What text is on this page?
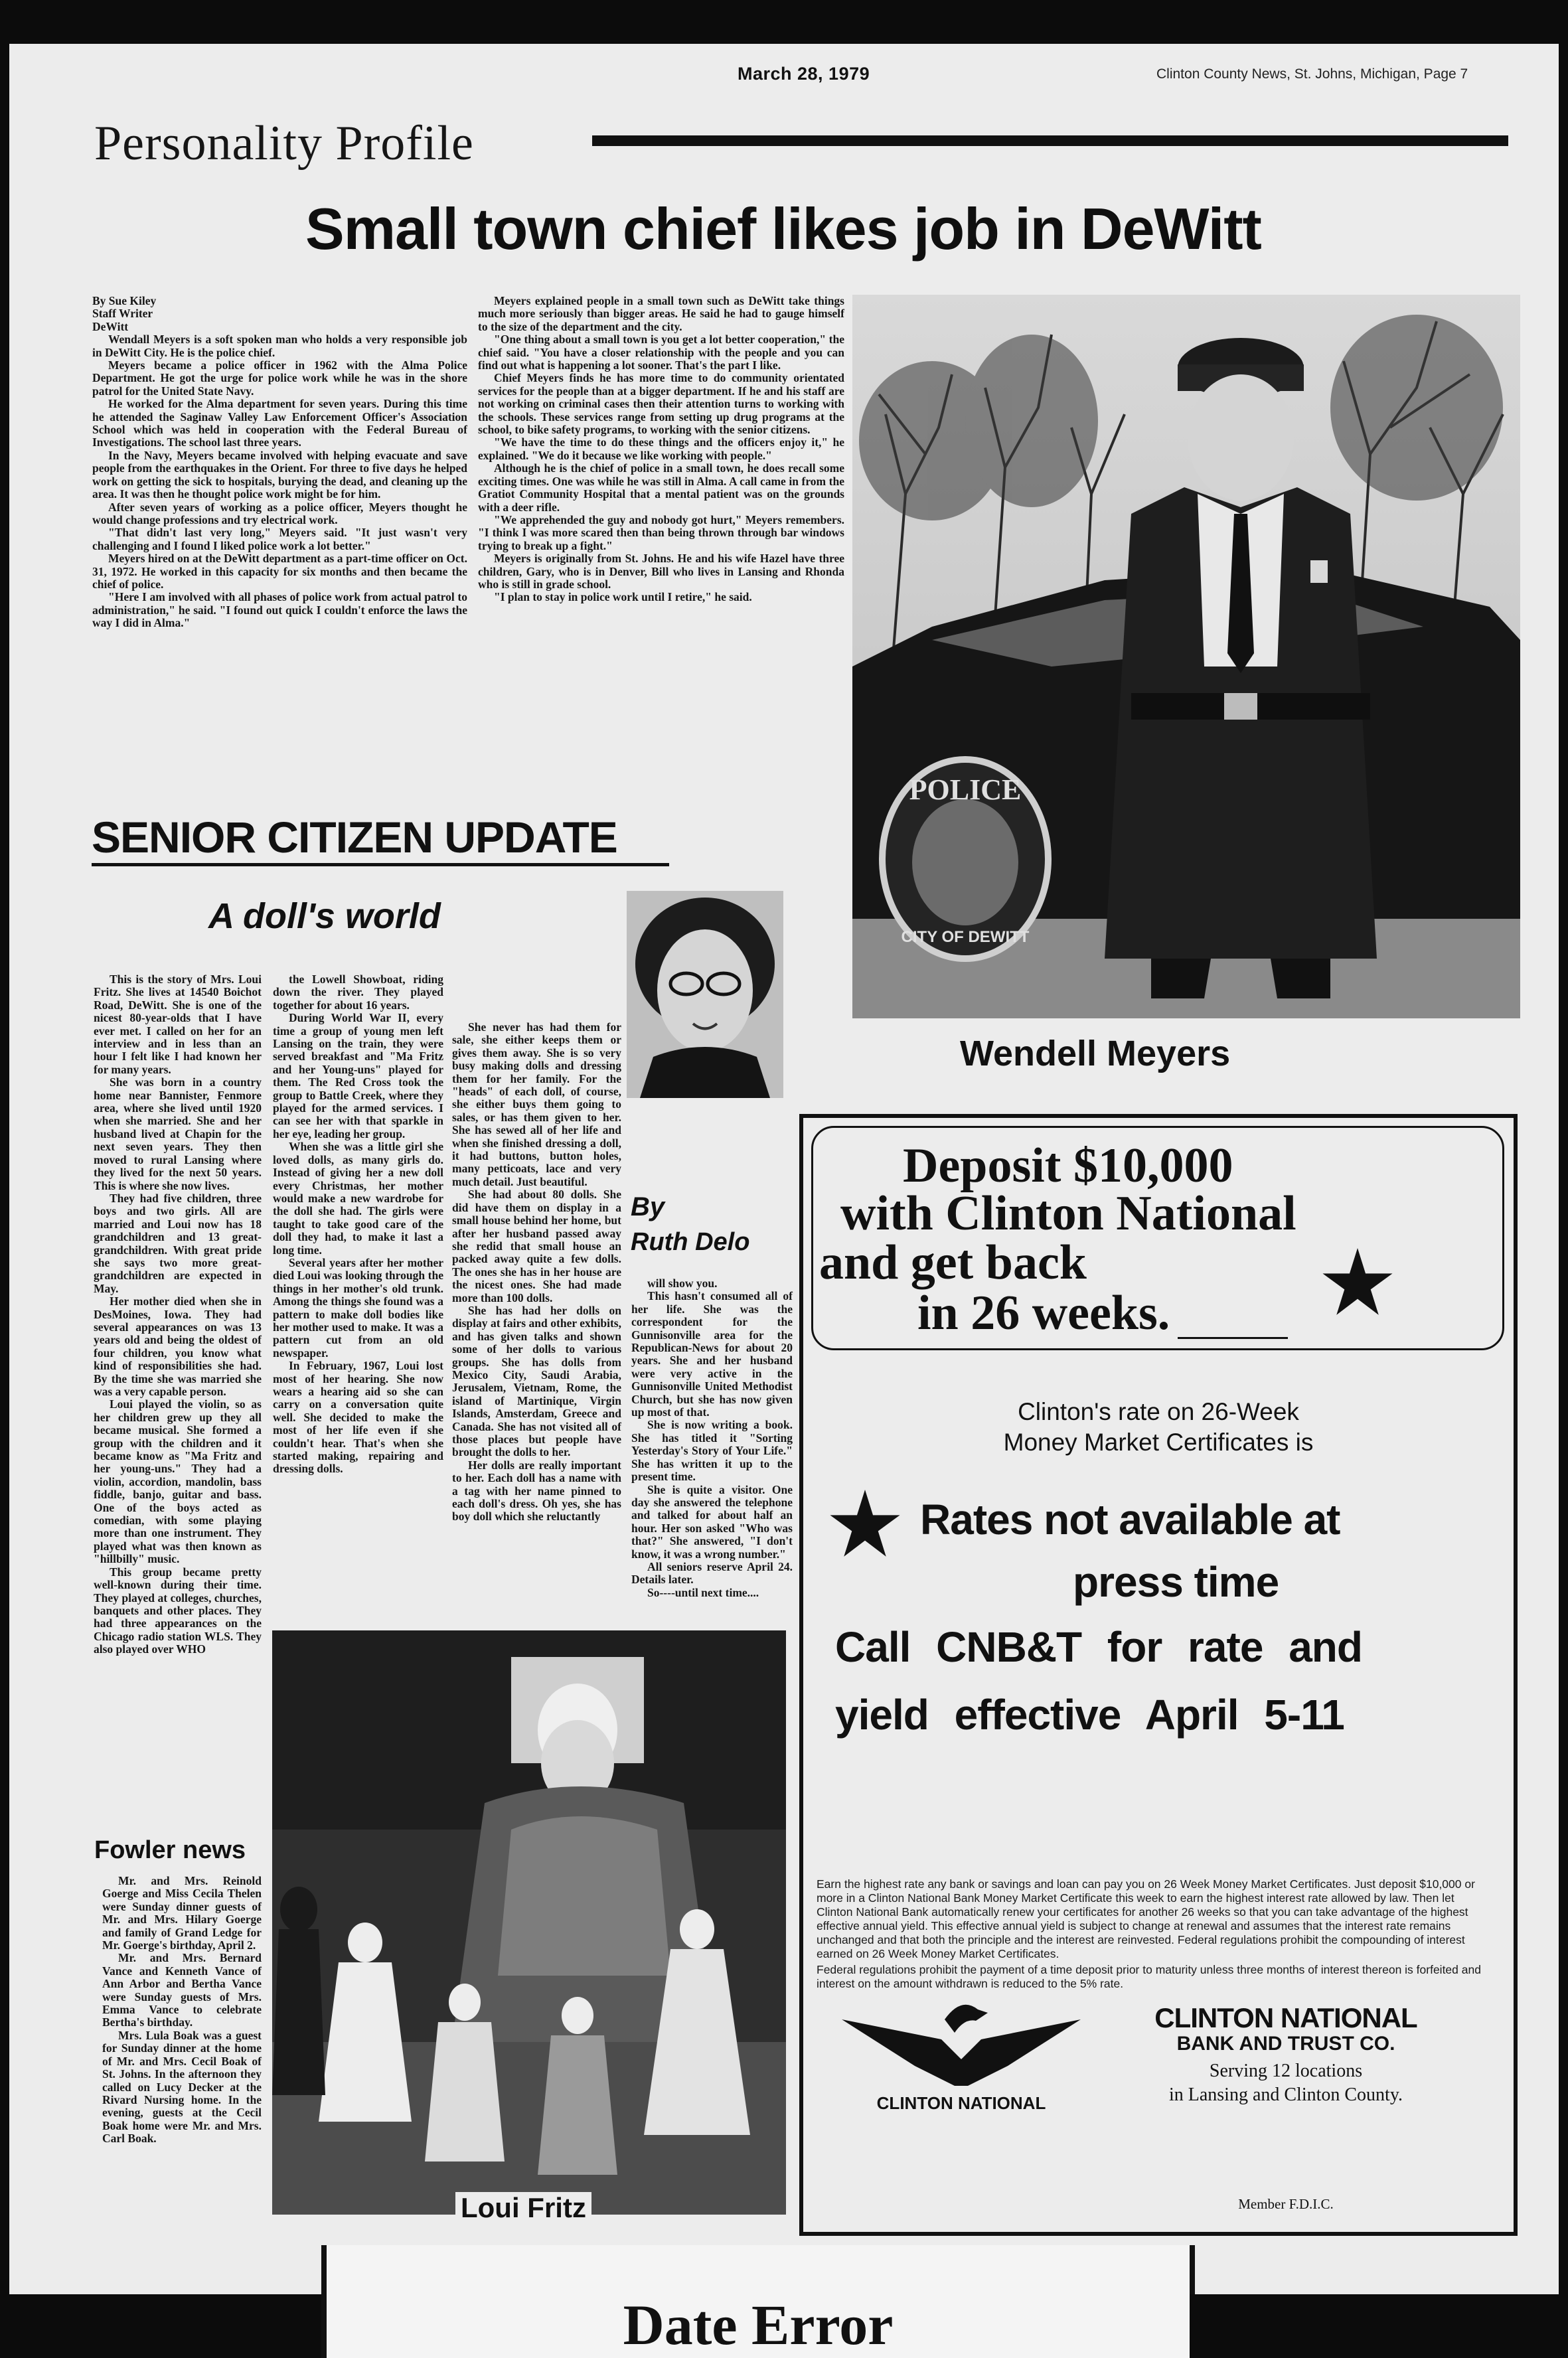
March 28, 1979	Clinton County News, St. Johns, Michigan, Page 7
Personality Profile
Small town chief likes job in DeWitt
By Sue Kiley
Staff Writer
DeWitt

Wendall Meyers is a soft spoken man who holds a very responsible job in DeWitt City. He is the police chief.

Meyers became a police officer in 1962 with the Alma Police Department. He got the urge for police work while he was in the shore patrol for the United State Navy.

He worked for the Alma department for seven years. During this time he attended the Saginaw Valley Law Enforcement Officer's Association School which was held in cooperation with the Federal Bureau of Investigations. The school last three years.

In the Navy, Meyers became involved with helping evacuate and save people from the earthquakes in the Orient. For three to five days he helped work on getting the sick to hospitals, burying the dead, and cleaning up the area. It was then he thought police work might be for him.

After seven years of working as a police officer, Meyers thought he would change professions and try electrical work.

"That didn't last very long," Meyers said. "It just wasn't very challenging and I found I liked police work a lot better."

Meyers hired on at the DeWitt department as a part-time officer on Oct. 31, 1972. He worked in this capacity for six months and then became the chief of police.

"Here I am involved with all phases of police work from actual patrol to administration," he said. "I found out quick I couldn't enforce the laws the way I did in Alma."

Meyers explained people in a small town such as DeWitt take things much more seriously than bigger areas. He said he had to gauge himself to the size of the department and the city.

"One thing about a small town is you get a lot better cooperation," the chief said. "You have a closer relationship with the people and you can find out what is happening a lot sooner. That's the part I like.

Chief Meyers finds he has more time to do community orientated services for the people than at a bigger department. If he and his staff are not working on criminal cases then their attention turns to working with the schools. These services range from setting up drug programs at the school, to bike safety programs, to working with the senior citizens.

"We have the time to do these things and the officers enjoy it," he explained. "We do it because we like working with people."

Although he is the chief of police in a small town, he does recall some exciting times. One was while he was still in Alma. A call came in from the Gratiot Community Hospital that a mental patient was on the grounds with a deer rifle.

"We apprehended the guy and nobody got hurt," Meyers remembers. "I think I was more scared then than being thrown through bar windows trying to break up a fight."

Meyers is originally from St. Johns. He and his wife Hazel have three children, Gary, who is in Denver, Bill who lives in Lansing and Rhonda who is still in grade school.

"I plan to stay in police work until I retire," he said.

POLICE
CITY OF DEWITT
Wendell Meyers
SENIOR CITIZEN UPDATE
A doll's world

This is the story of Mrs. Loui Fritz. She lives at 14540 Boichot Road, DeWitt. She is one of the nicest 80-year-olds that I have ever met. I called on her for an interview and in less than an hour I felt like I had known her for many years.

She was born in a country home near Bannister, Fenmore area, where she lived until 1920 when she married. She and her husband lived at Chapin for the next seven years. They then moved to rural Lansing where they lived for the next 50 years. This is where she now lives.

They had five children, three boys and two girls. All are married and Loui now has 18 grandchildren and 13 great-grandchildren. With great pride she says two more great-grandchildren are expected in May.

Her mother died when she in DesMoines, Iowa. They had several appearances on was 13 years old and being the oldest of four children, you know what kind of responsibilities she had. By the time she was married she was a very capable person.

Loui played the violin, so as her children grew up they all became musical. She formed a group with the children and it became know as "Ma Fritz and her young-uns." They had a violin, accordion, mandolin, bass fiddle, banjo, guitar and bass. One of the boys acted as comedian, with some playing more than one instrument. They played what was then known as "hillbilly" music.

This group became pretty well-known during their time. They played at colleges, churches, banquets and other places. They had three appearances on the Chicago radio station WLS. They also played over WHO

the Lowell Showboat, riding down the river. They played together for about 16 years.

During World War II, every time a group of young men left Lansing on the train, they were served breakfast and "Ma Fritz and her Young-uns" played for them. The Red Cross took the group to Battle Creek, where they played for the armed services. I can see her with that sparkle in her eye, leading her group.

When she was a little girl she loved dolls, as many girls do. Instead of giving her a new doll every Christmas, her mother would make a new wardrobe for the doll she had. The girls were taught to take good care of the doll they had, to make it last a long time.

Several years after her mother died Loui was looking through the things in her mother's old trunk. Among the things she found was a pattern to make doll bodies like her mother used to make. It was a pattern cut from an old newspaper.

In February, 1967, Loui lost most of her hearing. She now wears a hearing aid so she can carry on a conversation quite well. She decided to make the most of her life even if she couldn't hear. That's when she started making, repairing and dressing dolls.

She never has had them for sale, she either keeps them or gives them away. She is so very busy making dolls and dressing them for her family. For the "heads" of each doll, of course, she either buys them going to sales, or has them given to her. She has sewed all of her life and when she finished dressing a doll, it had buttons, button holes, many petticoats, lace and very much detail. Just beautiful.

She had about 80 dolls. She did have them on display in a small house behind her home, but after her husband passed away she redid that small house an packed away quite a few dolls. The ones she has in her house are the nicest ones. She had made more than 100 dolls.

She has had her dolls on display at fairs and other exhibits, and has given talks and shown some of her dolls to various groups. She has dolls from Mexico City, Saudi Arabia, Jerusalem, Vietnam, Rome, the island of Martinique, Virgin Islands, Amsterdam, Greece and Canada. She has not visited all of those places but people have brought the dolls to her.

Her dolls are really important to her. Each doll has a name with a tag with her name pinned to each doll's dress. Oh yes, she has boy doll which she reluctantly

By
Ruth Delo

will show you.

This hasn't consumed all of her life. She was the correspondent for the Gunnisonville area for the Republican-News for about 20 years. She and her husband were very active in the Gunnisonville United Methodist Church, but she has now given up most of that.

She is now writing a book. She has titled it "Sorting Yesterday's Story of Your Life." She has written it up to the present time.

She is quite a visitor. One day she answered the telephone and talked for about half an hour. Her son asked "Who was that?" She answered, "I don't know, it was a wrong number."

All seniors reserve April 24. Details later.

So----until next time....

Loui Fritz
Fowler news

Mr. and Mrs. Reinold Goerge and Miss Cecila Thelen were Sunday dinner guests of Mr. and Mrs. Hilary Goerge and family of Grand Ledge for Mr. Goerge's birthday, April 2.

Mr. and Mrs. Bernard Vance and Kenneth Vance of Ann Arbor and Bertha Vance were Sunday guests of Mrs. Emma Vance to celebrate Bertha's birthday.

Mrs. Lula Boak was a guest for Sunday dinner at the home of Mr. and Mrs. Cecil Boak of St. Johns. In the afternoon they called on Lucy Decker at the Rivard Nursing home. In the evening, guests at the Cecil Boak home were Mr. and Mrs. Carl Boak.

Deposit $10,000
with Clinton National
and get back
in 26 weeks.
Clinton's rate on 26-Week
Money Market Certificates is
Rates not available at
press time
Call CNB&T for rate and
yield effective April 5-11

Earn the highest rate any bank or savings and loan can pay you on 26 Week Money Market Certificates. Just deposit $10,000 or more in a Clinton National Bank Money Market Certificate this week to earn the highest interest rate allowed by law. Then let Clinton National Bank automatically renew your certificates for another 26 weeks so that you can take advantage of the highest effective annual yield. This effective annual yield is subject to change at renewal and assumes that the interest rate remains unchanged and that both the principle and the interest are reinvested. Federal regulations prohibit the compounding of interest earned on 26 Week Money Market Certificates.

Federal regulations prohibit the payment of a time deposit prior to maturity unless three months of interest thereon is forfeited and interest on the amount withdrawn is reduced to the 5% rate.

CLINTON NATIONAL
CLINTON NATIONAL
BANK AND TRUST CO.
Serving 12 locations
in Lansing and Clinton County.
Member F.D.I.C.
Date Error
